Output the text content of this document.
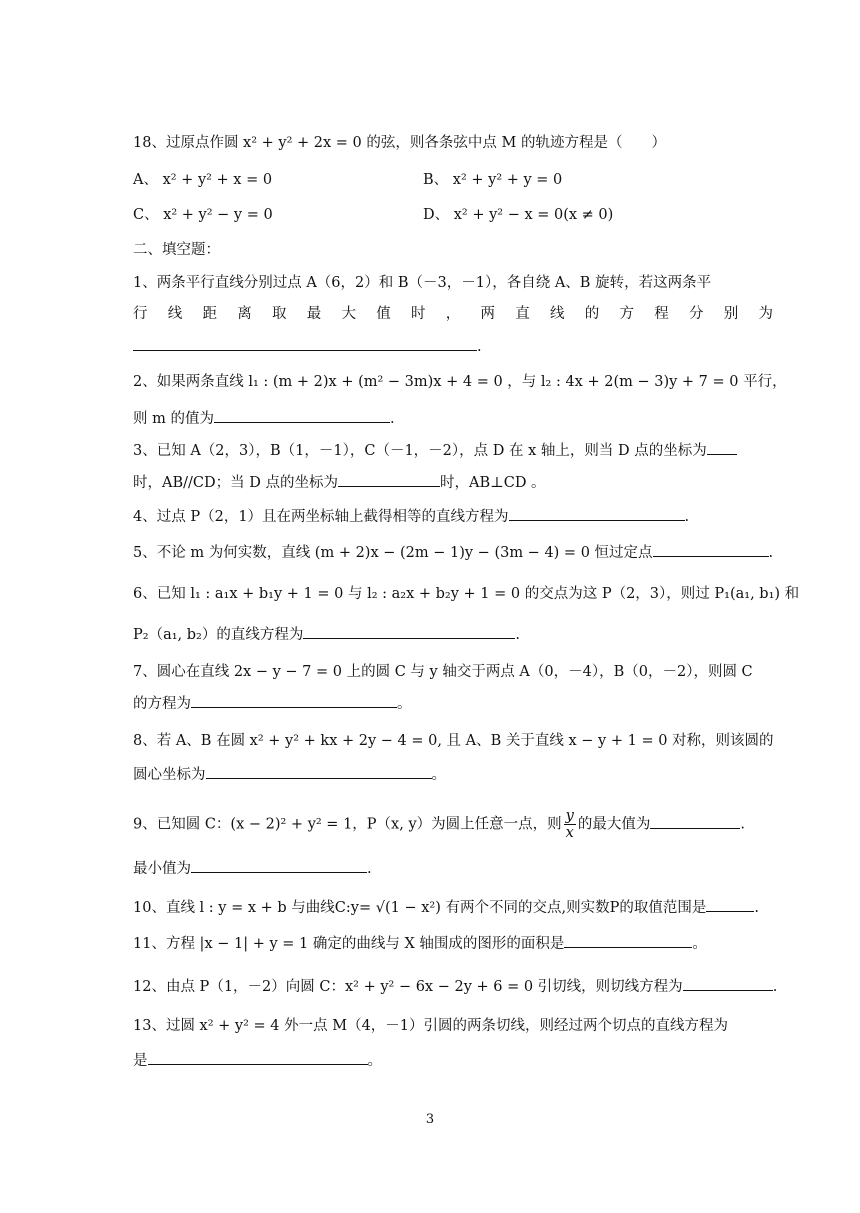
18、过原点作圆 x² + y² + 2x = 0 的弦，则各条弦中点 M 的轨迹方程是（　　）
A、 x² + y² + x = 0	B、 x² + y² + y = 0
C、 x² + y² − y = 0	D、 x² + y² − x = 0(x ≠ 0)
二、填空题：
1、两条平行直线分别过点 A（6，2）和 B（－3，－1），各自绕 A、B 旋转，若这两条平
行 线 距 离 取 最 大 值 时 ， 两 直 线 的 方 程 分 别 为
.
2、如果两条直线 l₁ : (m + 2)x + (m² − 3m)x + 4 = 0 ，与 l₂ : 4x + 2(m − 3)y + 7 = 0 平行，
则 m 的值为	.
3、已知 A（2，3），B（1，－1），C（－1，－2），点 D 在 x 轴上，则当 D 点的坐标为
时，AB//CD；当 D 点的坐标为	时，AB⊥CD 。
4、过点 P（2，1）且在两坐标轴上截得相等的直线方程为	.
5、不论 m 为何实数，直线 (m + 2)x − (2m − 1)y − (3m − 4) = 0 恒过定点	.
6、已知 l₁ : a₁x + b₁y + 1 = 0 与 l₂ : a₂x + b₂y + 1 = 0 的交点为这 P（2，3），则过 P₁(a₁, b₁) 和
P₂（a₁, b₂）的直线方程为	.
7、圆心在直线 2x − y − 7 = 0 上的圆 C 与 y 轴交于两点 A（0，－4），B（0，－2），则圆 C
的方程为	。
8、若 A、B 在圆 x² + y² + kx + 2y − 4 = 0, 且 A、B 关于直线 x − y + 1 = 0 对称，则该圆的
圆心坐标为	。
9、已知圆 C：(x − 2)² + y² = 1，P（x, y）为圆上任意一点，则 $\frac{y}{x}$ 的最大值为	.
最小值为	.
10、直线 l : y = x + b 与曲线C:y= √(1 − x²) 有两个不同的交点,则实数P的取值范围是	.
11、方程 |x − 1| + y = 1 确定的曲线与 X 轴围成的图形的面积是	。
12、由点 P（1，－2）向圆 C：x² + y² − 6x − 2y + 6 = 0 引切线，则切线方程为	.
13、过圆 x² + y² = 4 外一点 M（4，－1）引圆的两条切线，则经过两个切点的直线方程为
是	。
3
